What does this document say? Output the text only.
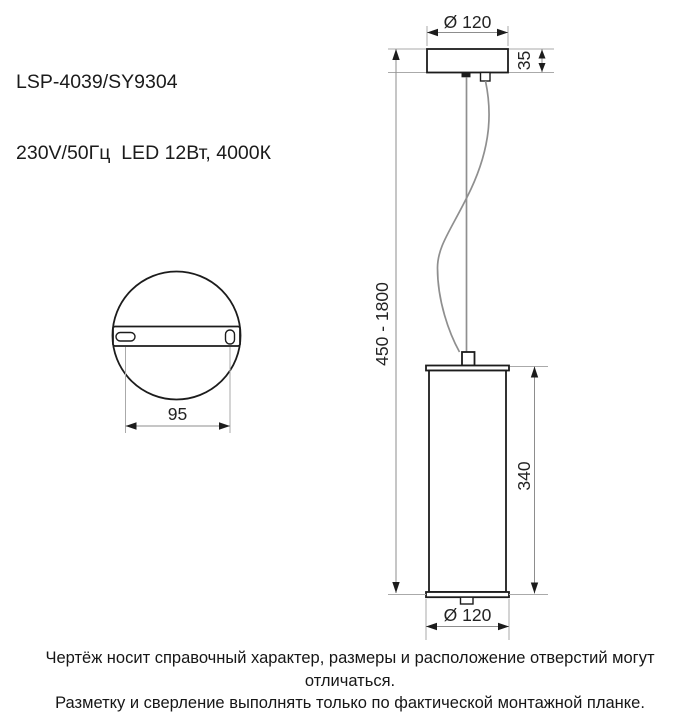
LSP-4039/SY9304

230V/50Гц  LED 12Вт, 4000К

95
Ø 120
450 - 1800
35
340
Ø 120
Чертёж носит справочный характер, размеры и расположение отверстий могут отличаться.
Разметку и сверление выполнять только по фактической монтажной планке.
